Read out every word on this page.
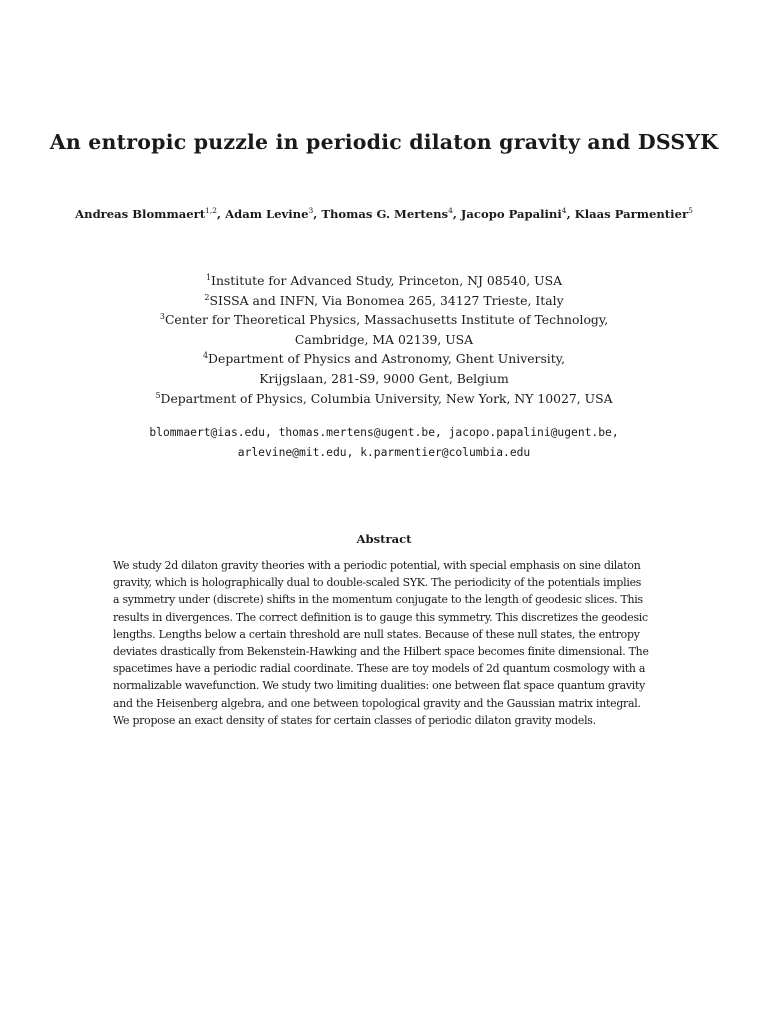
An entropic puzzle in periodic dilaton gravity and DSSYK
Andreas Blommaert$^{1,2}$, Adam Levine$^3$, Thomas G. Mertens$^4$, Jacopo Papalini$^4$, Klaas Parmentier$^5$
$^1$Institute for Advanced Study, Princeton, NJ 08540, USA
$^2$SISSA and INFN, Via Bonomea 265, 34127 Trieste, Italy
$^3$Center for Theoretical Physics, Massachusetts Institute of Technology,
Cambridge, MA 02139, USA
$^4$Department of Physics and Astronomy, Ghent University,
Krijgslaan, 281-S9, 9000 Gent, Belgium
$^5$Department of Physics, Columbia University, New York, NY 10027, USA
blommaert@ias.edu, thomas.mertens@ugent.be, jacopo.papalini@ugent.be,
arlevine@mit.edu, k.parmentier@columbia.edu
Abstract
We study 2d dilaton gravity theories with a periodic potential, with special emphasis on sine dilaton
gravity, which is holographically dual to double-scaled SYK. The periodicity of the potentials implies
a symmetry under (discrete) shifts in the momentum conjugate to the length of geodesic slices. This
results in divergences. The correct definition is to gauge this symmetry. This discretizes the geodesic
lengths. Lengths below a certain threshold are null states. Because of these null states, the entropy
deviates drastically from Bekenstein-Hawking and the Hilbert space becomes finite dimensional. The
spacetimes have a periodic radial coordinate. These are toy models of 2d quantum cosmology with a
normalizable wavefunction. We study two limiting dualities: one between flat space quantum gravity
and the Heisenberg algebra, and one between topological gravity and the Gaussian matrix integral.
We propose an exact density of states for certain classes of periodic dilaton gravity models.
